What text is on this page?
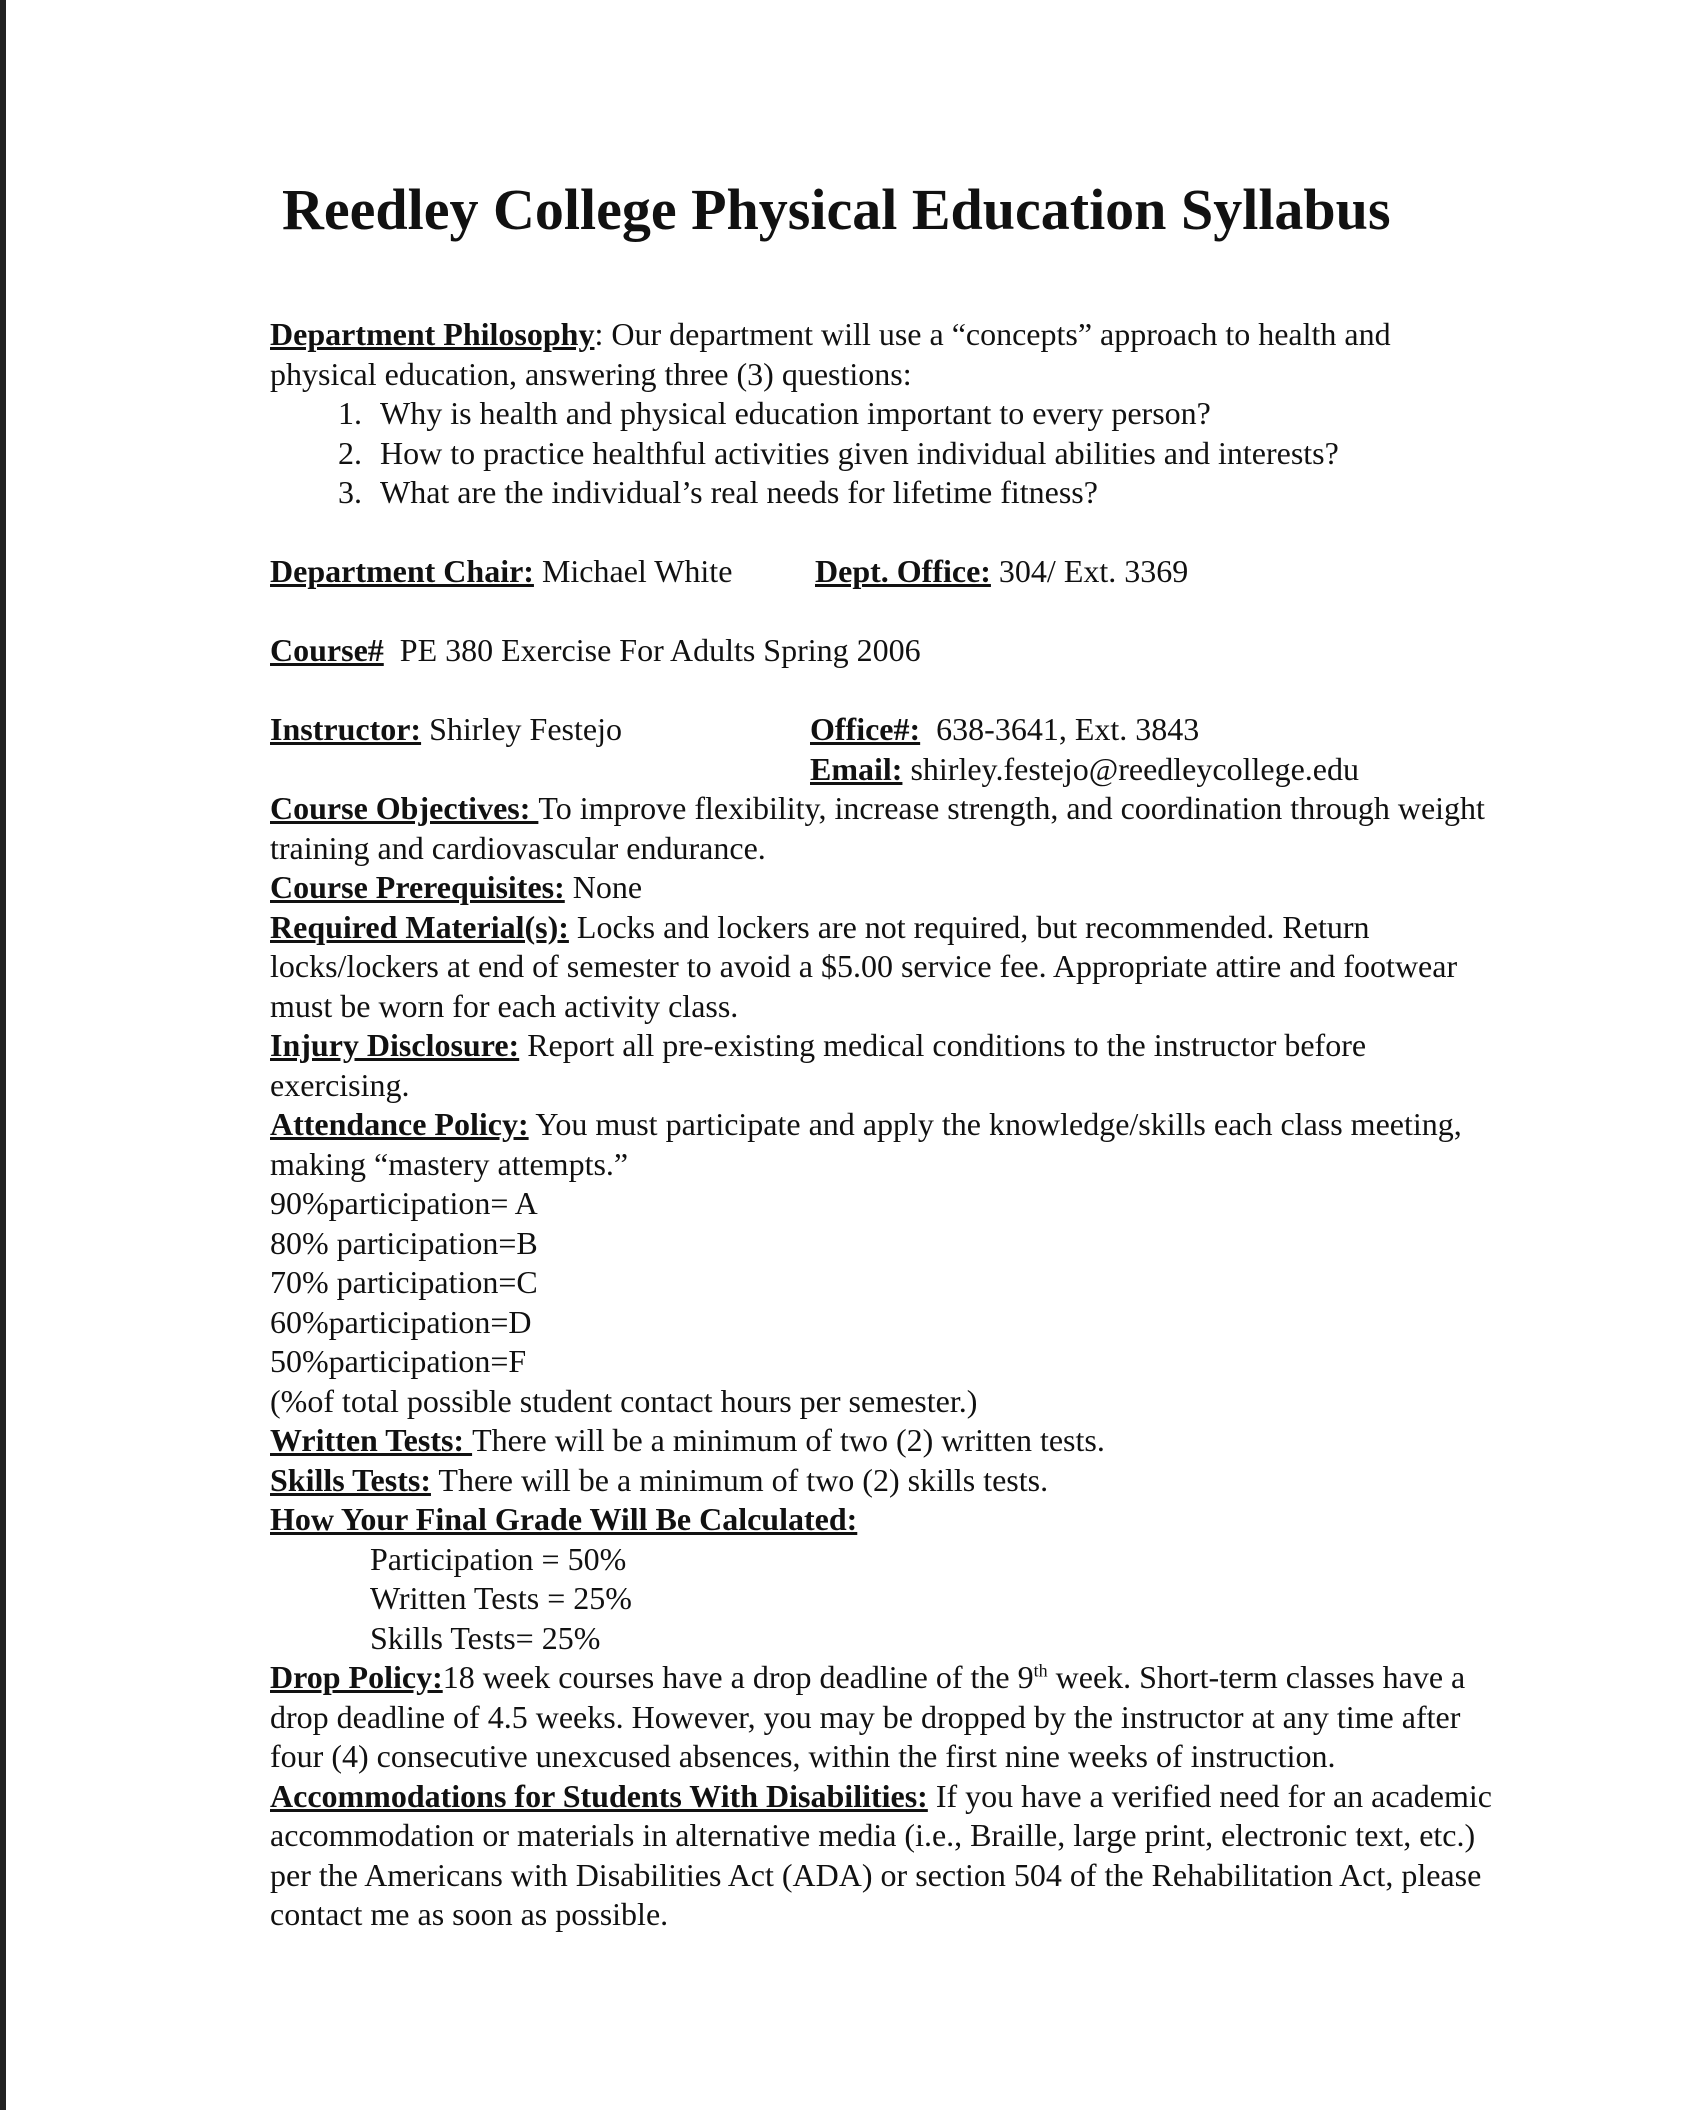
Reedley College Physical Education Syllabus

Department Philosophy: Our department will use a “concepts” approach to health and physical education, answering three (3) questions:

1. Why is health and physical education important to every person?
2. How to practice healthful activities given individual abilities and interests?
3. What are the individual’s real needs for lifetime fitness?
Department Chair: Michael White	Dept. Office: 304/ Ext. 3369
Course#  PE 380 Exercise For Adults Spring 2006
Instructor: Shirley Festejo	Office#:  638-3641, Ext. 3843
Email: shirley.festejo@reedleycollege.edu

Course Objectives: To improve flexibility, increase strength, and coordination through weight training and cardiovascular endurance.

Course Prerequisites: None

Required Material(s): Locks and lockers are not required, but recommended. Return locks/lockers at end of semester to avoid a $5.00 service fee. Appropriate attire and footwear must be worn for each activity class.

Injury Disclosure: Report all pre-existing medical conditions to the instructor before exercising.

Attendance Policy: You must participate and apply the knowledge/skills each class meeting, making “mastery attempts.”

90%participation= A

80% participation=B

70% participation=C

60%participation=D

50%participation=F

(%of total possible student contact hours per semester.)

Written Tests: There will be a minimum of two (2) written tests.

Skills Tests: There will be a minimum of two (2) skills tests.

How Your Final Grade Will Be Calculated:

Participation = 50%

Written Tests = 25%

Skills Tests= 25%

Drop Policy:18 week courses have a drop deadline of the 9th week. Short-term classes have a drop deadline of 4.5 weeks. However, you may be dropped by the instructor at any time after four (4) consecutive unexcused absences, within the first nine weeks of instruction.

Accommodations for Students With Disabilities: If you have a verified need for an academic accommodation or materials in alternative media (i.e., Braille, large print, electronic text, etc.) per the Americans with Disabilities Act (ADA) or section 504 of the Rehabilitation Act, please contact me as soon as possible.
